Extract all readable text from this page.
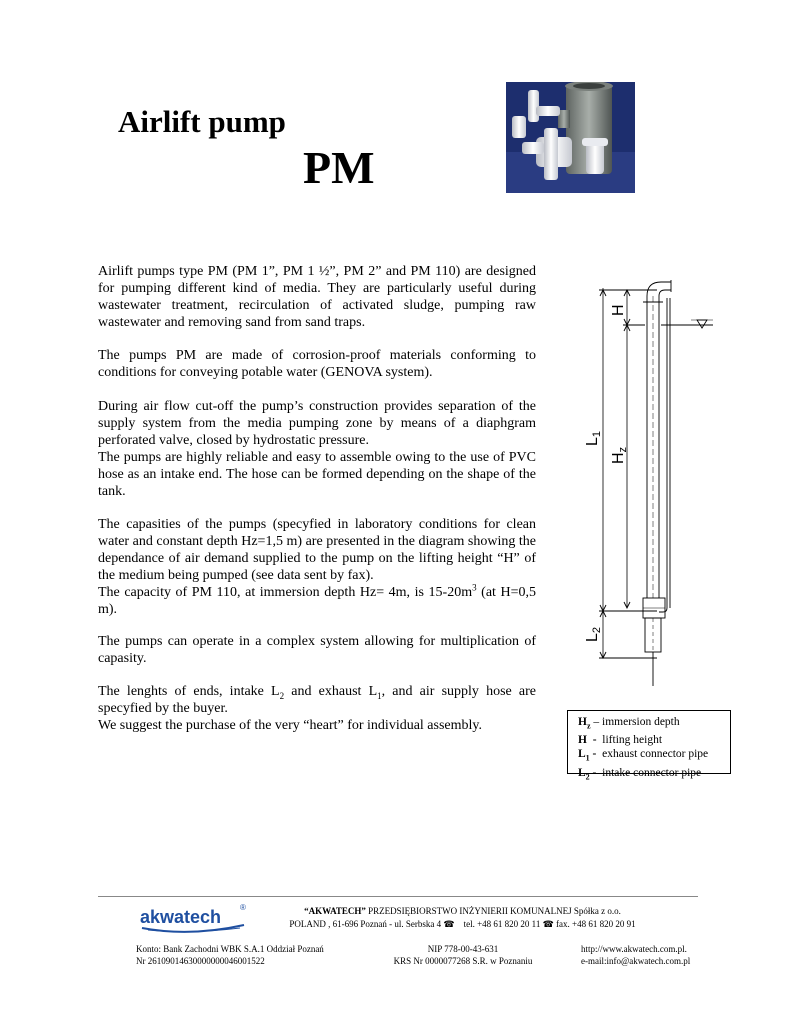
Airlift pump
PM

Airlift pumps type PM (PM 1”, PM 1 ½”, PM 2” and PM 110) are designed for pumping different kind of media. They are particularly useful during wastewater treatment, recirculation of activated sludge, pumping raw wastewater and removing sand from sand traps.

The pumps PM are made of corrosion-proof materials conforming to conditions for conveying potable water (GENOVA system).

During air flow cut-off the pump’s construction provides separation of the supply system from the media pumping zone by means of a diaphgram perforated valve, closed by hydrostatic pressure.

The pumps are highly reliable and easy to assemble owing to the use of PVC hose as an intake end. The hose can be formed depending on the shape of the tank.

The capasities of the pumps (specyfied in laboratory conditions for clean water and constant depth Hz=1,5 m) are presented in the diagram showing the dependance of air demand supplied to the pump on the lifting height “H” of the medium being pumped (see data sent by fax).

The capacity of PM 110, at immersion depth Hz= 4m, is $15-20m^3$ (at H=0,5 m).

The pumps can operate in a complex system allowing for multiplication of capasity.

The lenghts of ends, intake $L_2$ and exhaust $L_1$, and air supply hose are specyfied by the buyer.

We suggest the purchase of the very “heart” for individual assembly.

L1
Hz
H
L2
$H_z$ – immersion depth
H  -  lifting height
$L_1$ -  exhaust connector pipe
$L_2$ -  intake connector pipe
akwatech ®	“AKWATECH” PRZEDSIĘBIORSTWO INŻYNIERII KOMUNALNEJ Spółka z o.o.
POLAND , 61-696 Poznań - ul. Serbska 4 ☎    tel. +48 61 820 20 11 ☎ fax. +48 61 820 20 91
Konto: Bank Zachodni WBK S.A.1 Oddział Poznań
Nr 26109014630000000046001522
NIP 778-00-43-631
KRS Nr 0000077268 S.R. w Poznaniu
http://www.akwatech.com.pl.
e-mail:info@akwatech.com.pl
